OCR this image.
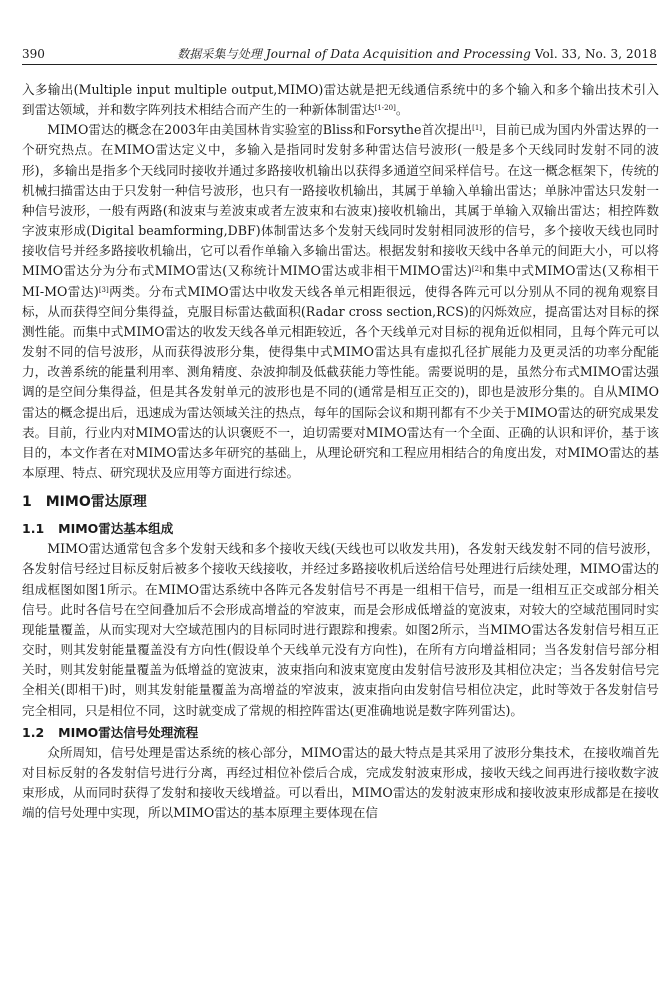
390	数据采集与处理 Journal of Data Acquisition and Processing Vol. 33, No. 3, 2018

入多输出(Multiple input multiple output,MIMO)雷达就是把无线通信系统中的多个输入和多个输出技术引入到雷达领域，并和数字阵列技术相结合而产生的一种新体制雷达[1-20]。

MIMO雷达的概念在2003年由美国林肯实验室的Bliss和Forsythe首次提出[1]，目前已成为国内外雷达界的一个研究热点。在MIMO雷达定义中，多输入是指同时发射多种雷达信号波形(一般是多个天线同时发射不同的波形)，多输出是指多个天线同时接收并通过多路接收机输出以获得多通道空间采样信号。在这一概念框架下，传统的机械扫描雷达由于只发射一种信号波形，也只有一路接收机输出，其属于单输入单输出雷达；单脉冲雷达只发射一种信号波形，一般有两路(和波束与差波束或者左波束和右波束)接收机输出，其属于单输入双输出雷达；相控阵数字波束形成(Digital beamforming,DBF)体制雷达多个发射天线同时发射相同波形的信号，多个接收天线也同时接收信号并经多路接收机输出，它可以看作单输入多输出雷达。根据发射和接收天线中各单元的间距大小，可以将MIMO雷达分为分布式MIMO雷达(又称统计MIMO雷达或非相干MIMO雷达)[2]和集中式MIMO雷达(又称相干MI-MO雷达)[3]两类。分布式MIMO雷达中收发天线各单元相距很远，使得各阵元可以分别从不同的视角观察目标，从而获得空间分集得益，克服目标雷达截面积(Radar cross section,RCS)的闪烁效应，提高雷达对目标的探测性能。而集中式MIMO雷达的收发天线各单元相距较近，各个天线单元对目标的视角近似相同，且每个阵元可以发射不同的信号波形，从而获得波形分集，使得集中式MIMO雷达具有虚拟孔径扩展能力及更灵活的功率分配能力，改善系统的能量利用率、测角精度、杂波抑制及低截获能力等性能。需要说明的是，虽然分布式MIMO雷达强调的是空间分集得益，但是其各发射单元的波形也是不同的(通常是相互正交的)，即也是波形分集的。自从MIMO雷达的概念提出后，迅速成为雷达领域关注的热点，每年的国际会议和期刊都有不少关于MIMO雷达的研究成果发表。目前，行业内对MIMO雷达的认识褒贬不一，迫切需要对MIMO雷达有一个全面、正确的认识和评价，基于该目的，本文作者在对MIMO雷达多年研究的基础上，从理论研究和工程应用相结合的角度出发，对MIMO雷达的基本原理、特点、研究现状及应用等方面进行综述。

1 MIMO雷达原理
1.1 MIMO雷达基本组成

MIMO雷达通常包含多个发射天线和多个接收天线(天线也可以收发共用)，各发射天线发射不同的信号波形，各发射信号经过目标反射后被多个接收天线接收，并经过多路接收机后送给信号处理进行后续处理，MIMO雷达的组成框图如图1所示。在MIMO雷达系统中各阵元各发射信号不再是一组相干信号，而是一组相互正交或部分相关信号。此时各信号在空间叠加后不会形成高增益的窄波束，而是会形成低增益的宽波束，对较大的空域范围同时实现能量覆盖，从而实现对大空域范围内的目标同时进行跟踪和搜索。如图2所示，当MIMO雷达各发射信号相互正交时，则其发射能量覆盖没有方向性(假设单个天线单元没有方向性)，在所有方向增益相同；当各发射信号部分相关时，则其发射能量覆盖为低增益的宽波束，波束指向和波束宽度由发射信号波形及其相位决定；当各发射信号完全相关(即相干)时，则其发射能量覆盖为高增益的窄波束，波束指向由发射信号相位决定，此时等效于各发射信号完全相同，只是相位不同，这时就变成了常规的相控阵雷达(更准确地说是数字阵列雷达)。

1.2 MIMO雷达信号处理流程

众所周知，信号处理是雷达系统的核心部分，MIMO雷达的最大特点是其采用了波形分集技术，在接收端首先对目标反射的各发射信号进行分离，再经过相位补偿后合成，完成发射波束形成，接收天线之间再进行接收数字波束形成，从而同时获得了发射和接收天线增益。可以看出，MIMO雷达的发射波束形成和接收波束形成都是在接收端的信号处理中实现，所以MIMO雷达的基本原理主要体现在信
